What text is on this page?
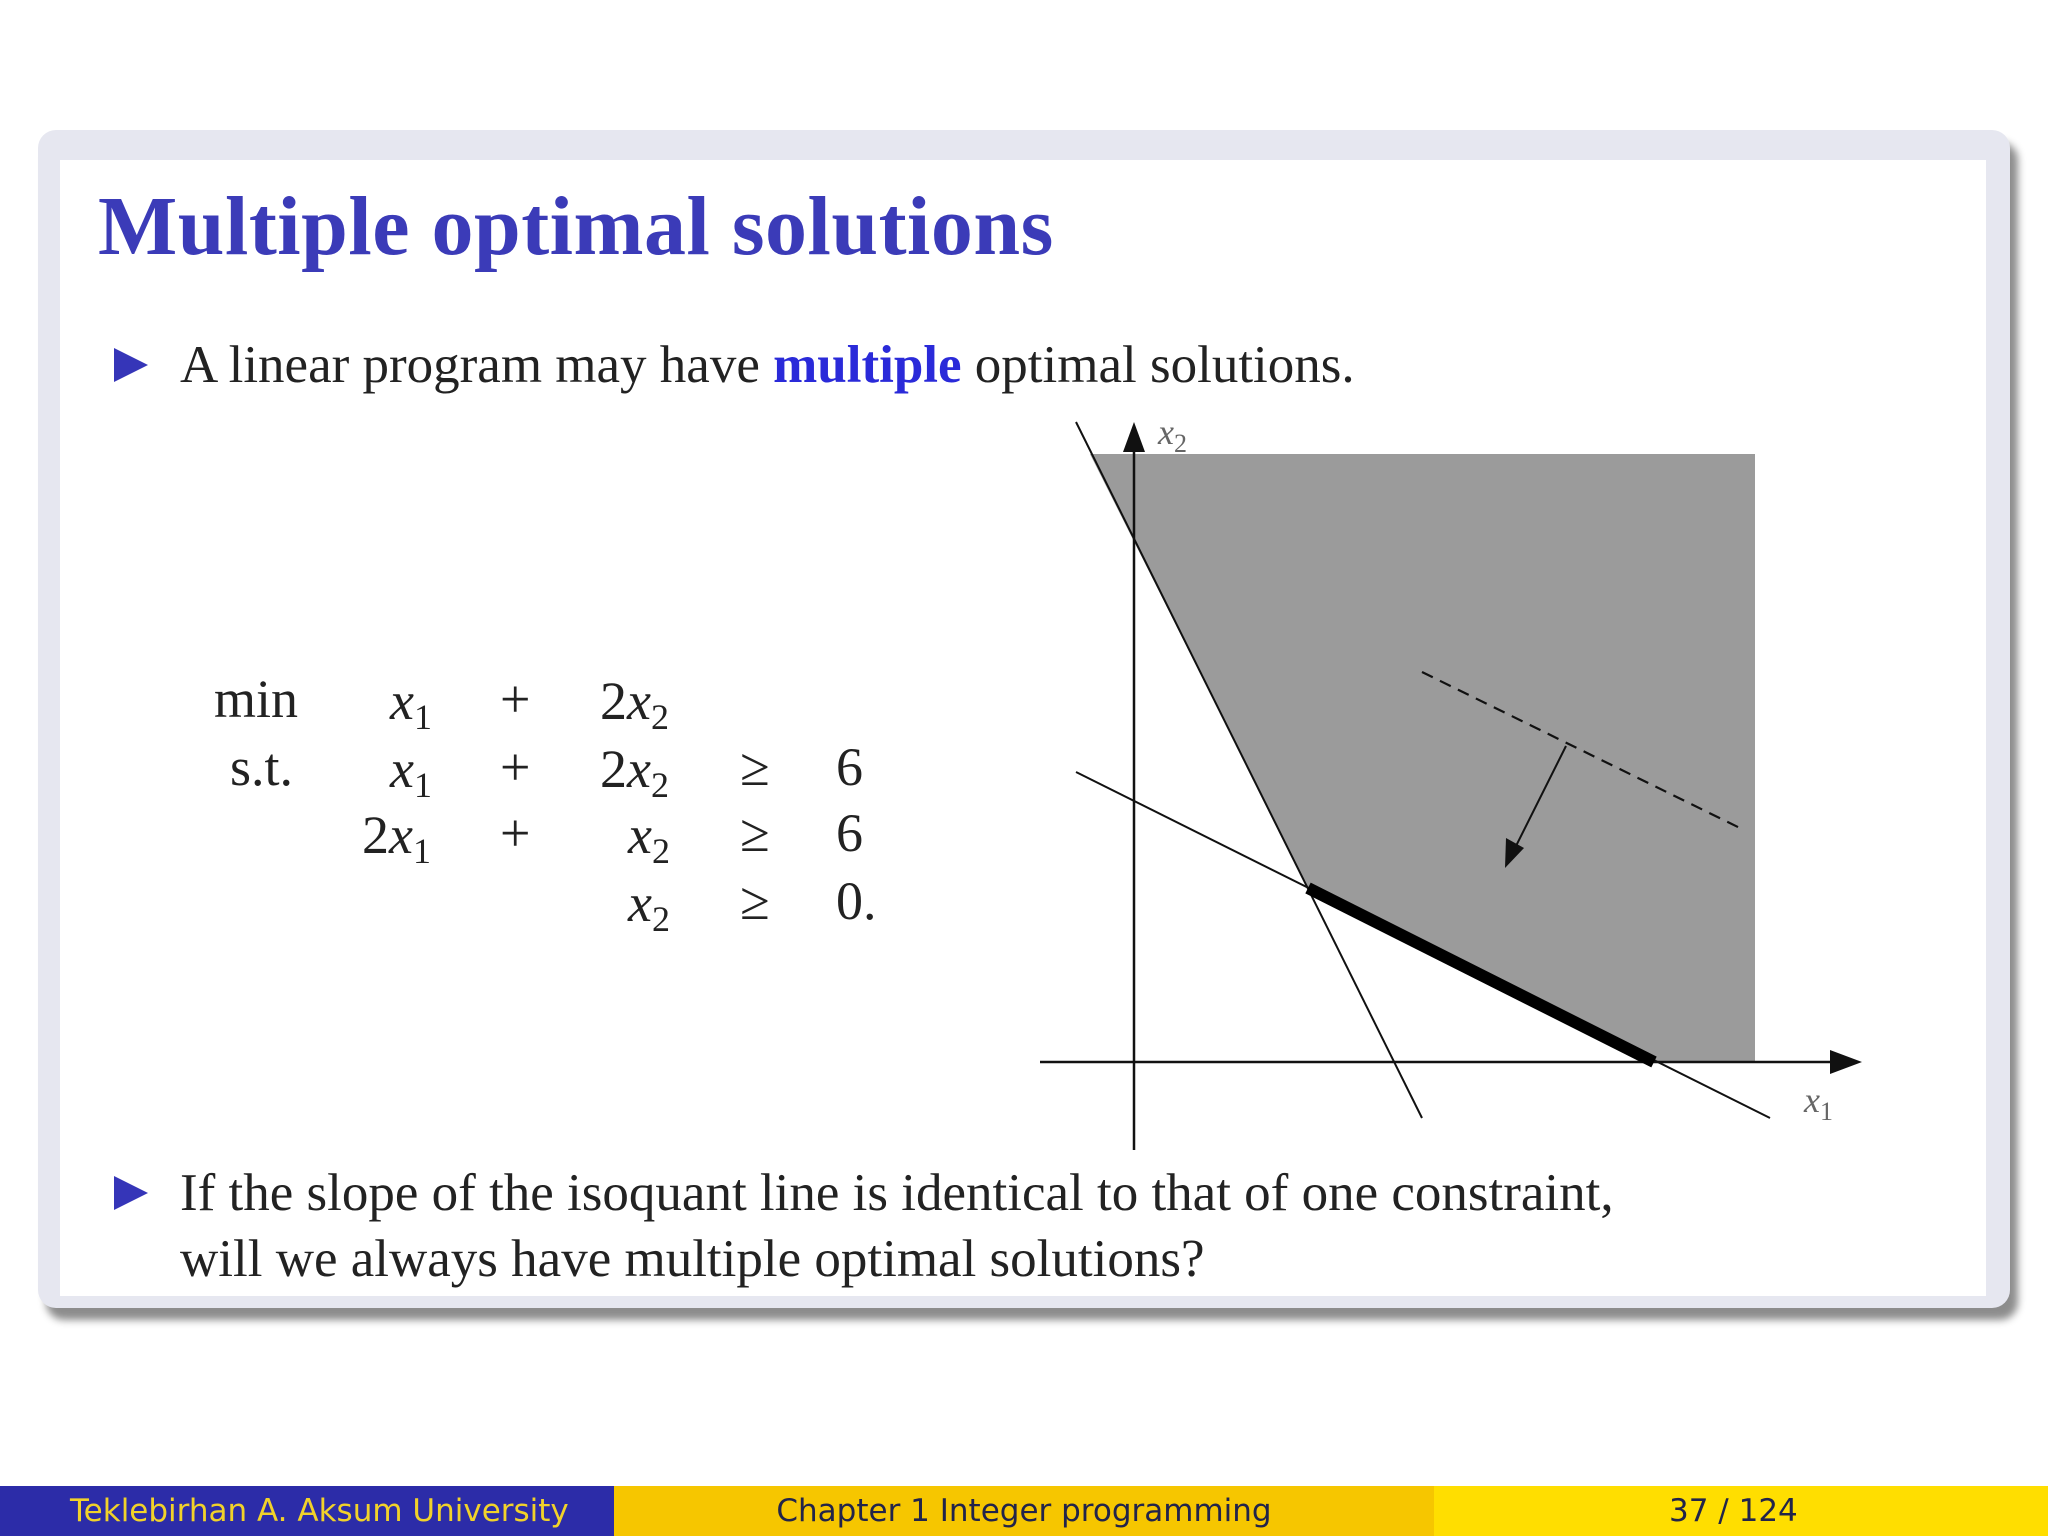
Multiple optimal solutions
A linear program may have multiple optimal solutions.
$\min x_1 + 2x_2$
s.t. $x_1 + 2x_2 \ge 6$
$2x_1 + x_2 \ge 6$
$x_2 \ge 0$.
$x_2$
$x_1$
If the slope of the isoquant line is identical to that of one constraint,
will we always have multiple optimal solutions?
Teklebirhan A. Aksum University	Chapter 1 Integer programming	37 / 124
